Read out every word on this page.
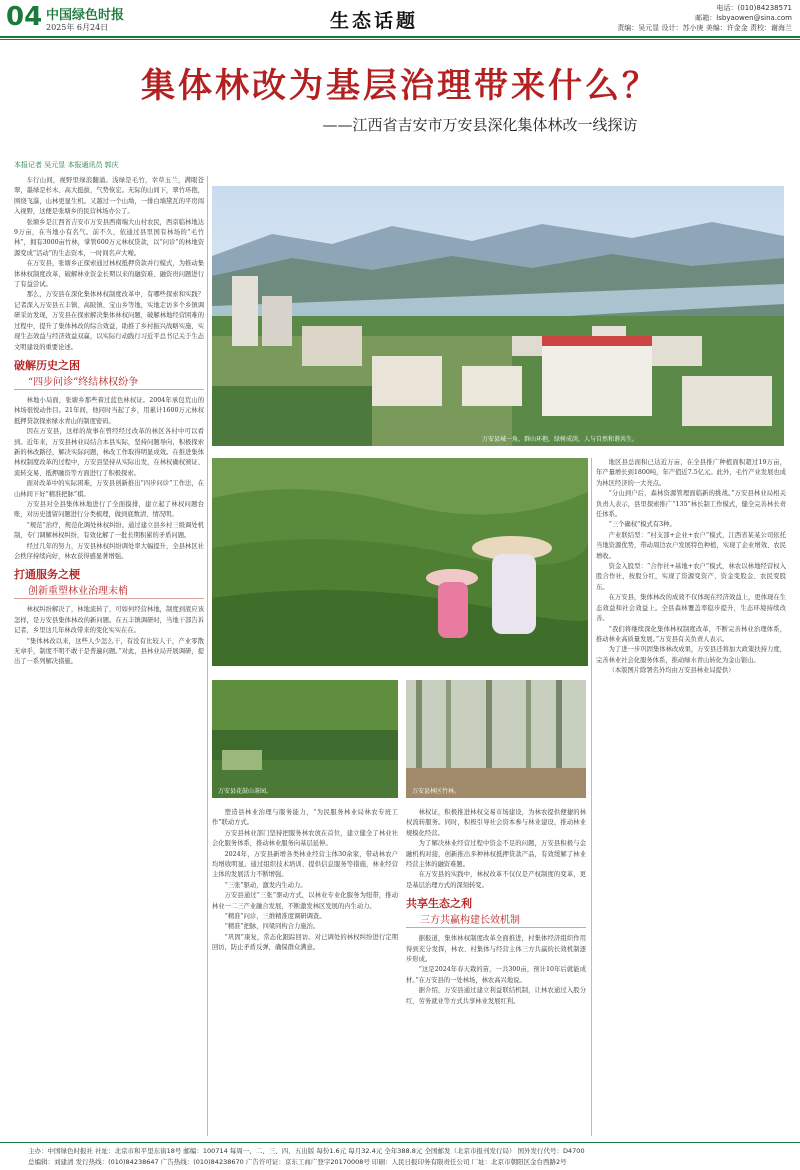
04 中国绿色时报
2025年 6月24日	生态话题
电话：(010)84238571
邮箱：lsbyaowen@sina.com
责编：吴元显 设计：苏小庚 美编：许金金 责校：谢海兰
集体林改为基层治理带来什么？
——江西省吉安市万安县深化集体林改一线探访
本报记者 吴元显 本报通讯员 郭庆

车行山间，视野里绿浪翻涌。浅绿是毛竹，幸草玉兰，满眼苍翠，墨绿是杉木、高大挺拔，气势恢宏。无际的山间下，翠竹环抱，围绕飞瀑，山林更显生机。又越过一个山坳，一排白墙黛瓦的平房闯入视野，这便是张塘乡的民营林场办公了。

张塘乡是江西省吉安市万安县西南端大山村农民，西京临林地达9万亩，在当地小有名气。前不久，依通过县里国有林场的“毛竹林”，拥有3000亩竹林，掌管600万元林权贷款，以“问诊”的林地资源变成“活动”的生态资本，一时间名声大噪。

在万安县，张塘乡正探索通过林权抵押贷款并行模式，为推动集体林权制度改革，破解林业资金长期以来的融资难、融资贵问题进行了有益尝试。

那么，万安县在深化集体林权制度改革中，有哪些探索和实践？记者深入万安县五丰镇、高陂镇、宝山乡等地，实地走访多个乡镇调研采访发现，万安县在探索解决集体林权问题，破解林地经营困难的过程中，提升了集体林改的综合效益，助推了乡村振兴战略实施，实现生态效益与经济效益双赢，以实际行动践行习近平总书记关于生态文明建设的重要论述。

破解历史之困

“四步问诊”终结林权纷争

林地小局面，张塘乡那些着过蓝色林权证。2004年承包荒山的林场很悦动作目。21年间，他同时当起了乡，用累计1600万元林权抵押贷款探索绿水青山的制度密码。

因在万安县，这样的故事在曾经经过改革的林区各村中可以看到。近年来，万安县林业局结合本县实际，坚持问题导向，积极探索新的林改路径，解决实际问题，林改工作取得明显成效。在推进集体林权制度改革的过程中，万安县坚持从实际出发，在林权确权颁证、流转交易、抵押融资等方面进行了积极探索。

面对改革中的实际困难，万安县创新推出“四步问诊”工作法，在山林间下好“精准把脉”棋。

万安县对全县集体林地进行了全面摸排，建立起了林权问题台账，对历史遗留问题进行分类梳理，做到底数清、情况明。

“规范”治疗，规范化调处林权纠纷。通过建立县乡村三级调处机制，专门调解林权纠纷，有效化解了一批长期积累的矛盾问题。

经过几年的努力，万安县林权纠纷调处率大幅提升，全县林区社会秩序持续向好，林农获得感显著增强。

打通服务之梗

创新重塑林业治理末梢

林权纠纷解决了，林地流转了，可如何经营林地，制度到底应该怎样，是万安县集体林改的新问题。在五丰镇调研时，当地干部告诉记者，乡里这几年林改带来的变化实实在在。

“集体林改以来，这些人少怎么干，有没有比较人干，产业零散无章乎，制度不明不敢干是普遍问题。”对此，县林业局开展调研，提出了一系列解决措施。

万安县城一角，群山环抱，绿树成荫，人与自然和谐共生。
万安县花鼓山茶园。	万安县林区竹林。

塑造县林业治理与服务能力，“为民服务林业局林农专班工作”联动方式。

万安县林业部门坚持把服务林农放在首位，建立健全了林业社会化服务体系，推动林业服务向基层延伸。

2024年，万安县新增各类林业经营主体30余家，带动林农户均增收明显。通过组织技术培训、提供信息服务等措施，林业经营主体的发展活力不断增强。

“三张”驱动，激发内生动力。

万安县通过“三张”驱动方式，以林业专业化服务为纽带，推动林业一二三产业融合发展，不断激发林区发展的内生动力。

“精准”问诊，三维精准度调研调查。

“精准”把脉，四梁同构合力施治。

“巩固”康复，常态化跟踪回访。对已调处的林权纠纷进行定期回访，防止矛盾反弹，确保群众满意。

林权证，积极推进林权交易市场建设，为林农提供便捷的林权流转服务。同时，积极引导社会资本参与林业建设，推动林业规模化经营。

为了解决林业经营过程中资金不足的问题，万安县积极与金融机构对接，创新推出多种林权抵押贷款产品，有效缓解了林业经营主体的融资难题。

在万安县的实践中，林权改革不仅仅是产权制度的变革，更是基层治理方式的深刻转变。

共享生态之利

三方共赢构建长效机制

据报道，集体林权制度改革全面推进，村集体经济组织作用得到充分发挥，林农、村集体与经营主体三方共赢的长效机制逐步形成。

“这是2024年春天栽的苗，一共300亩，预计10年后就能成材。”在万安县的一处林场，林农高兴地说。

据介绍，万安县通过建立利益联结机制，让林农通过入股分红、劳务就业等方式共享林业发展红利。

地区县总面积已达近万亩，在全县推广种植面积超过19万亩，年产量增长到1800吨，年产值近7.5亿元。此外，毛竹产业发展也成为林区经济的一大亮点。

“分山到户后，森林资源管理面临新的挑战。”万安县林业局相关负责人表示，县里探索推广“135”林长制工作模式，健全完善林长责任体系。

“三个确权”模式有3种。

产业联结型：“村支部+企业+农户”模式，江西省某某公司依托当地资源优势，带动周边农户发展特色种植，实现了企业增效、农民增收。

资金入股型：“合作社+基地+农户”模式，林农以林地经营权入股合作社，按股分红，实现了资源变资产、资金变股金、农民变股东。

在万安县，集体林改的成效不仅体现在经济效益上，更体现在生态效益和社会效益上。全县森林覆盖率稳步提升，生态环境持续改善。

“我们将继续深化集体林权制度改革，不断完善林业治理体系，推动林业高质量发展。”万安县有关负责人表示。

为了进一步巩固集体林改成果，万安县还将加大政策扶持力度，完善林业社会化服务体系，推动绿水青山转化为金山银山。

（本版图片除署名外均由万安县林业局提供）

主办：中国绿色时报社 社址：北京市和平里东街18号 邮编：100714 每周一、二、三、四、五出版 每份1.6元 每月32.4元 全年388.8元 全国邮发（北京市报刊发行局） 国外发行代号：D4700
总编辑：刘建清 发行热线：(010)84238647 广告热线：(010)84238670 广告许可证：京东工商广登字20170008号 印刷：人民日报印务有限责任公司 厂址：北京市朝阳区金台西路2号
